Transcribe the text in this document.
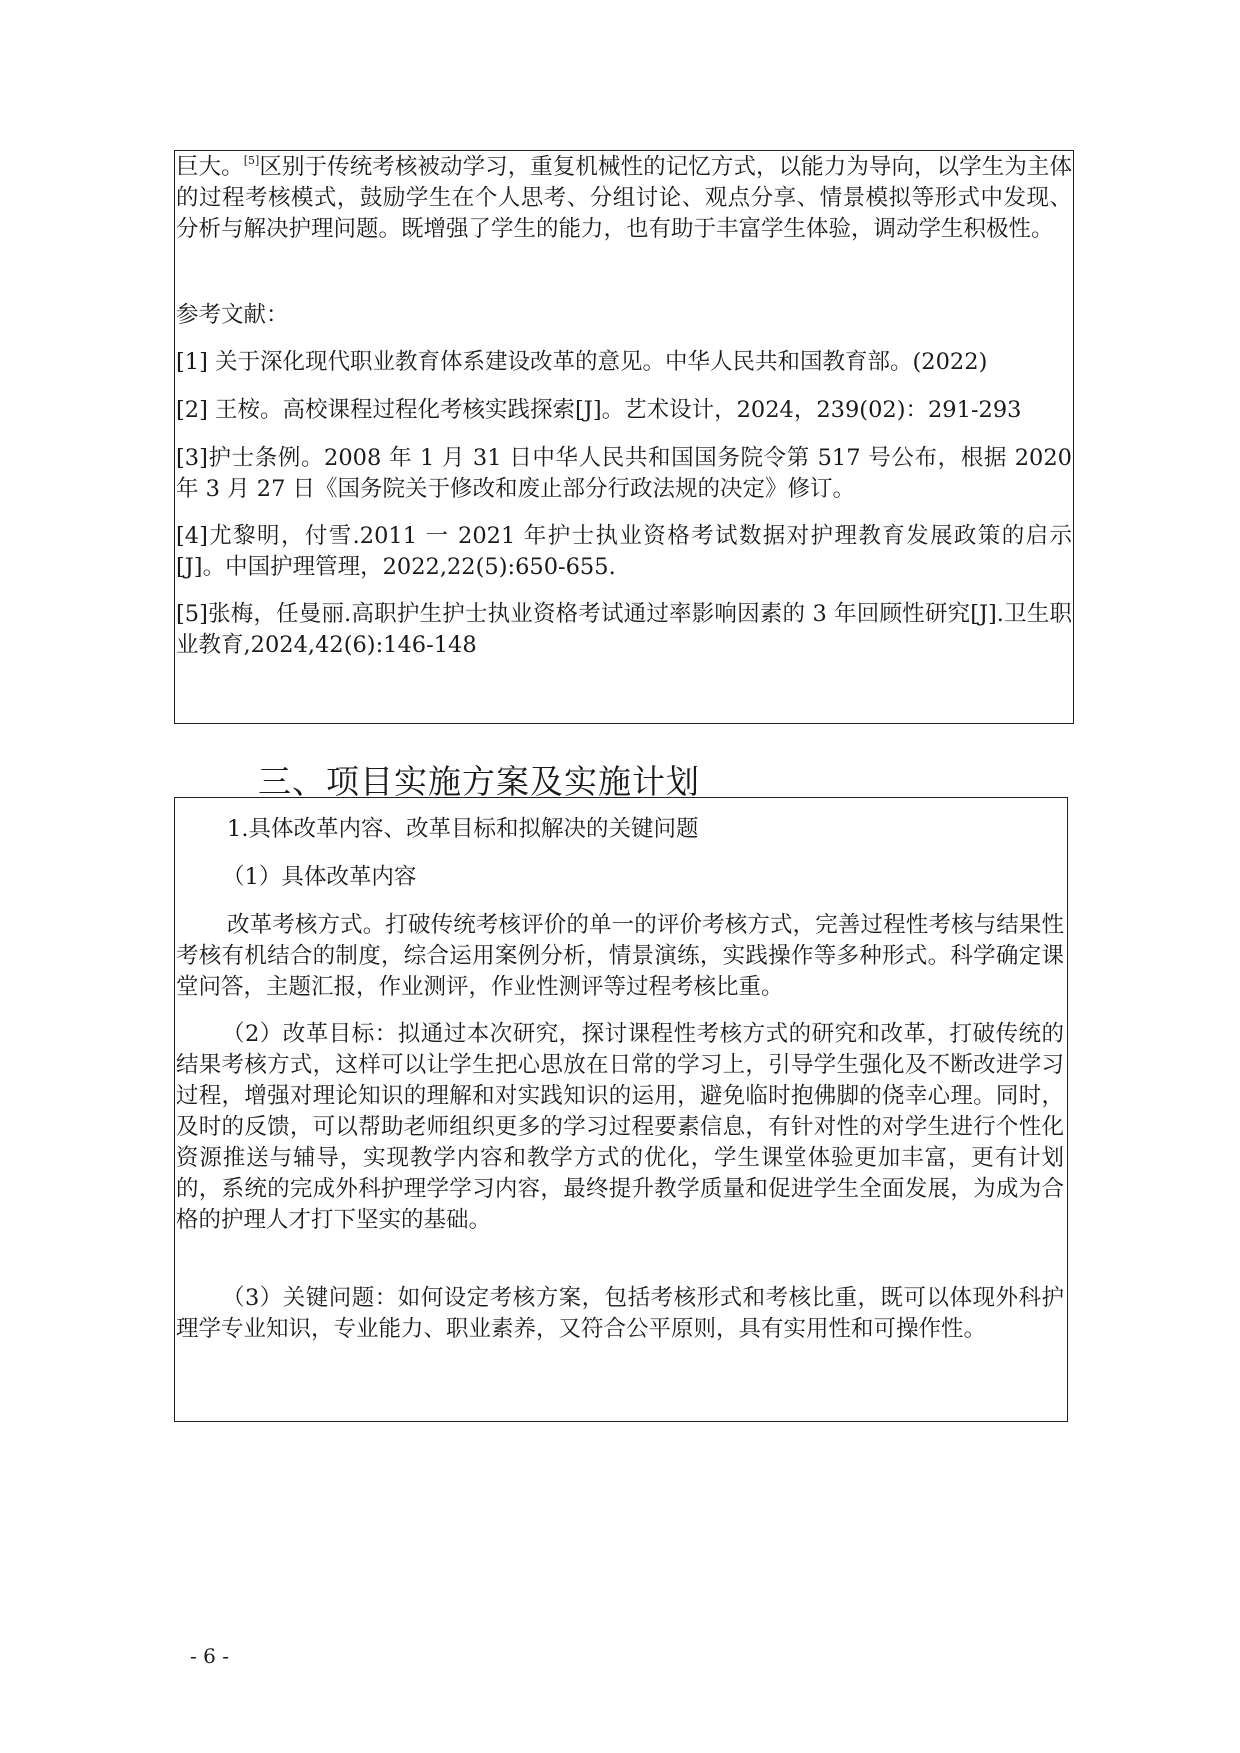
巨大。[5]区别于传统考核被动学习，重复机械性的记忆方式，以能力为导向，以学生为主体的过程考核模式，鼓励学生在个人思考、分组讨论、观点分享、情景模拟等形式中发现、分析与解决护理问题。既增强了学生的能力，也有助于丰富学生体验，调动学生积极性。

参考文献：

[1] 关于深化现代职业教育体系建设改革的意见。中华人民共和国教育部。(2022)

[2] 王桉。高校课程过程化考核实践探索[J]。艺术设计，2024，239(02)：291-293

[3]护士条例。2008 年 1 月 31 日中华人民共和国国务院令第 517 号公布，根据 2020 年 3 月 27 日《国务院关于修改和废止部分行政法规的决定》修订。

[4]尤黎明，付雪.2011 一 2021 年护士执业资格考试数据对护理教育发展政策的启示[J]。中国护理管理，2022,22(5):650-655.

[5]张梅，任曼丽.高职护生护士执业资格考试通过率影响因素的 3 年回顾性研究[J].卫生职业教育,2024,42(6):146-148

三、项目实施方案及实施计划

1.具体改革内容、改革目标和拟解决的关键问题

（1）具体改革内容

改革考核方式。打破传统考核评价的单一的评价考核方式，完善过程性考核与结果性考核有机结合的制度，综合运用案例分析，情景演练，实践操作等多种形式。科学确定课堂问答，主题汇报，作业测评，作业性测评等过程考核比重。

（2）改革目标：拟通过本次研究，探讨课程性考核方式的研究和改革，打破传统的结果考核方式，这样可以让学生把心思放在日常的学习上，引导学生强化及不断改进学习过程，增强对理论知识的理解和对实践知识的运用，避免临时抱佛脚的侥幸心理。同时，及时的反馈，可以帮助老师组织更多的学习过程要素信息，有针对性的对学生进行个性化资源推送与辅导，实现教学内容和教学方式的优化，学生课堂体验更加丰富，更有计划的，系统的完成外科护理学学习内容，最终提升教学质量和促进学生全面发展，为成为合格的护理人才打下坚实的基础。

（3）关键问题：如何设定考核方案，包括考核形式和考核比重，既可以体现外科护理学专业知识，专业能力、职业素养，又符合公平原则，具有实用性和可操作性。

- 6 -
